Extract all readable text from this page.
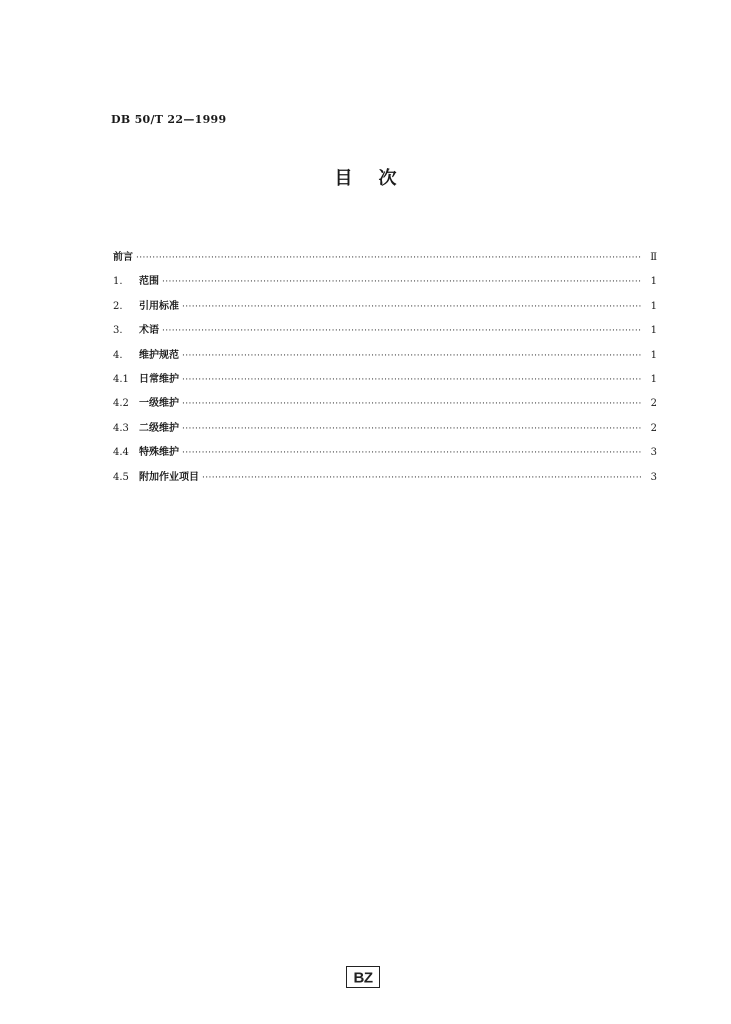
DB 50/T 22—1999
目次
前言 ·····	Ⅱ
1.	范围 ·····	1
2.	引用标准 ·····	1
3.	术语 ·····	1
4.	维护规范 ·····	1
4.1	日常维护 ·····	1
4.2	一级维护 ·····	2
4.3	二级维护 ·····	2
4.4	特殊维护 ·····	3
4.5	附加作业项目 ·····	3
BZ
